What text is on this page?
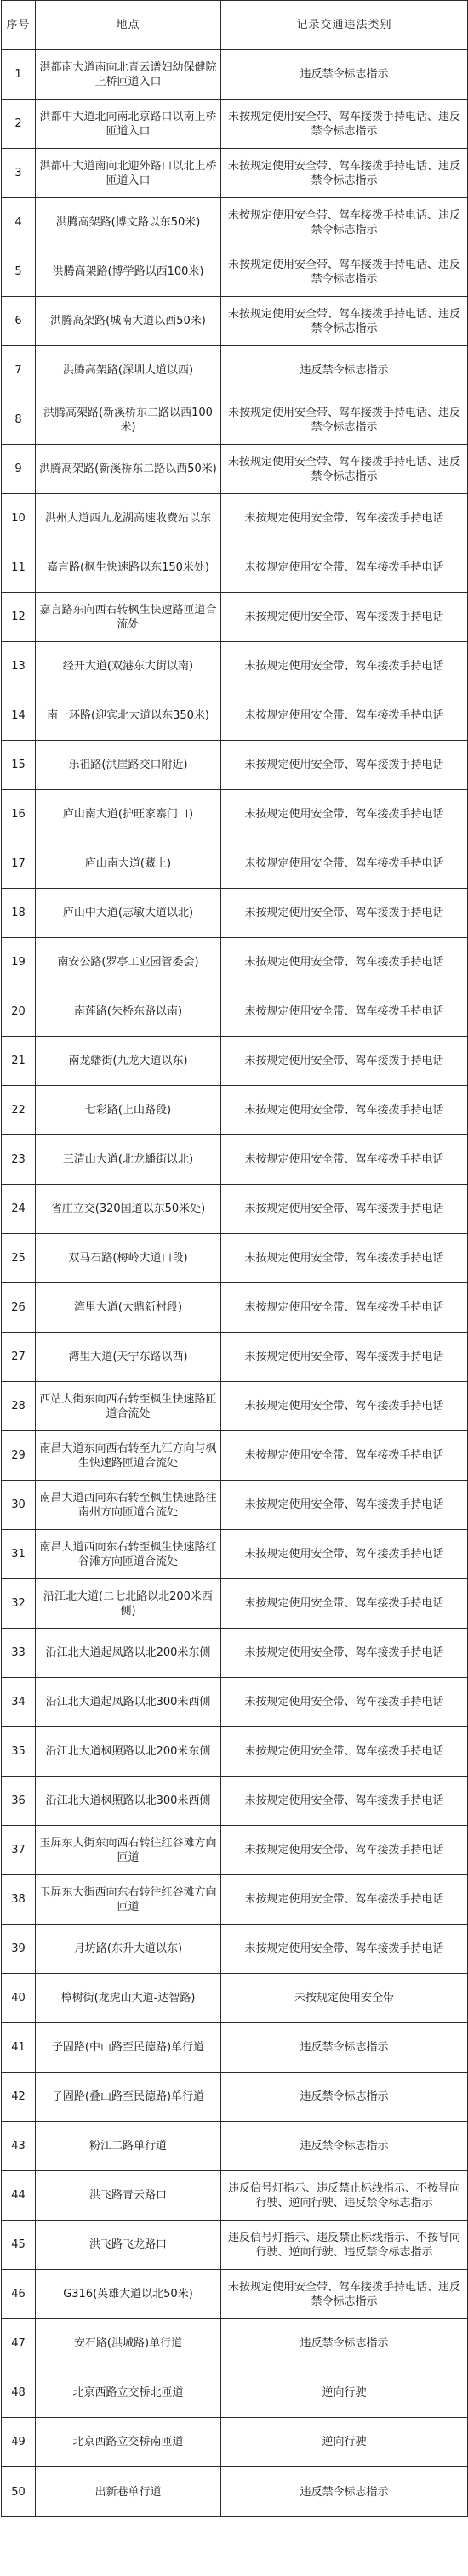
序号	地点	记录交通违法类别

1	洪都南大道南向北青云谱妇幼保健院上桥匝道入口	违反禁令标志指示

2	洪都中大道北向南北京路口以南上桥匝道入口	未按规定使用安全带、驾车接拨手持电话、违反禁令标志指示

3	洪都中大道南向北迎外路口以北上桥匝道入口	未按规定使用安全带、驾车接拨手持电话、违反禁令标志指示

4	洪腾高架路(博文路以东50米)	未按规定使用安全带、驾车接拨手持电话、违反禁令标志指示

5	洪腾高架路(博学路以西100米)	未按规定使用安全带、驾车接拨手持电话、违反禁令标志指示

6	洪腾高架路(城南大道以西50米)	未按规定使用安全带、驾车接拨手持电话、违反禁令标志指示

7	洪腾高架路(深圳大道以西)	违反禁令标志指示

8	洪腾高架路(新溪桥东二路以西100米)	未按规定使用安全带、驾车接拨手持电话、违反禁令标志指示

9	洪腾高架路(新溪桥东二路以西50米)	未按规定使用安全带、驾车接拨手持电话、违反禁令标志指示

10	洪州大道西九龙湖高速收费站以东	未按规定使用安全带、驾车接拨手持电话

11	嘉言路(枫生快速路以东150米处)	未按规定使用安全带、驾车接拨手持电话

12	嘉言路东向西右转枫生快速路匝道合流处	未按规定使用安全带、驾车接拨手持电话

13	经开大道(双港东大街以南)	未按规定使用安全带、驾车接拨手持电话

14	南一环路(迎宾北大道以东350米)	未按规定使用安全带、驾车接拨手持电话

15	乐祖路(洪崖路交口附近)	未按规定使用安全带、驾车接拨手持电话

16	庐山南大道(护旺家寨门口)	未按规定使用安全带、驾车接拨手持电话

17	庐山南大道(藏上)	未按规定使用安全带、驾车接拨手持电话

18	庐山中大道(志敏大道以北)	未按规定使用安全带、驾车接拨手持电话

19	南安公路(罗亭工业园管委会)	未按规定使用安全带、驾车接拨手持电话

20	南莲路(朱桥东路以南)	未按规定使用安全带、驾车接拨手持电话

21	南龙蟠街(九龙大道以东)	未按规定使用安全带、驾车接拨手持电话

22	七彩路(上山路段)	未按规定使用安全带、驾车接拨手持电话

23	三清山大道(北龙蟠街以北)	未按规定使用安全带、驾车接拨手持电话

24	省庄立交(320国道以东50米处)	未按规定使用安全带、驾车接拨手持电话

25	双马石路(梅岭大道口段)	未按规定使用安全带、驾车接拨手持电话

26	湾里大道(大鼎新村段)	未按规定使用安全带、驾车接拨手持电话

27	湾里大道(天宁东路以西)	未按规定使用安全带、驾车接拨手持电话

28	西站大街东向西右转至枫生快速路匝道合流处	未按规定使用安全带、驾车接拨手持电话

29	南昌大道东向西右转至九江方向与枫生快速路匝道合流处	未按规定使用安全带、驾车接拨手持电话

30	南昌大道西向东右转至枫生快速路往南州方向匝道合流处	未按规定使用安全带、驾车接拨手持电话

31	南昌大道西向东右转至枫生快速路红谷滩方向匝道合流处	未按规定使用安全带、驾车接拨手持电话

32	沿江北大道(二七北路以北200米西侧)	未按规定使用安全带、驾车接拨手持电话

33	沿江北大道起凤路以北200米东侧	未按规定使用安全带、驾车接拨手持电话

34	沿江北大道起凤路以北300米西侧	未按规定使用安全带、驾车接拨手持电话

35	沿江北大道枫照路以北200米东侧	未按规定使用安全带、驾车接拨手持电话

36	沿江北大道枫照路以北300米西侧	未按规定使用安全带、驾车接拨手持电话

37	玉屏东大街东向西右转往红谷滩方向匝道	未按规定使用安全带、驾车接拨手持电话

38	玉屏东大街西向东右转往红谷滩方向匝道	未按规定使用安全带、驾车接拨手持电话

39	月坊路(东升大道以东)	未按规定使用安全带、驾车接拨手持电话

40	樟树街(龙虎山大道-达智路)	未按规定使用安全带

41	子固路(中山路至民德路)单行道	违反禁令标志指示

42	子固路(叠山路至民德路)单行道	违反禁令标志指示

43	粉江二路单行道	违反禁令标志指示

44	洪飞路青云路口	违反信号灯指示、违反禁止标线指示、不按导向行驶、逆向行驶、违反禁令标志指示

45	洪飞路飞龙路口	违反信号灯指示、违反禁止标线指示、不按导向行驶、逆向行驶、违反禁令标志指示

46	G316(英雄大道以北50米)	未按规定使用安全带、驾车接拨手持电话、违反禁令标志指示

47	安石路(洪城路)单行道	违反禁令标志指示

48	北京西路立交桥北匝道	逆向行驶

49	北京西路立交桥南匝道	逆向行驶

50	出新巷单行道	违反禁令标志指示
